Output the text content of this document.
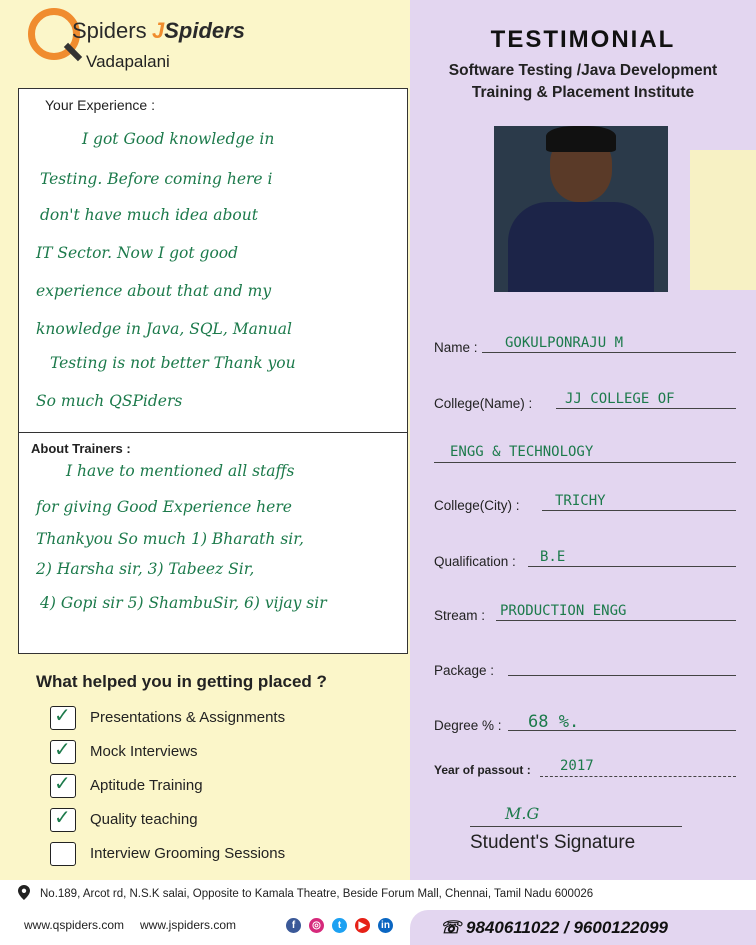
Spiders JSpiders
Vadapalani
TESTIMONIAL
Software Testing /Java Development
Training & Placement Institute
Your Experience :
I got Good knowledge in
Testing. Before coming here i
don't have much idea about
IT Sector. Now I got good
experience about that and my
knowledge in Java, SQL, Manual
Testing is not better Thank you
So much QSPiders
About Trainers :
I have to mentioned all staffs
for giving Good Experience here
Thankyou So much 1) Bharath sir,
2) Harsha sir, 3) Tabeez Sir,
4) Gopi sir 5) ShambuSir, 6) vijay sir
Name : GOKULPONRAJU M
College(Name) : JJ COLLEGE OF
ENGG & TECHNOLOGY
College(City) :	TRICHY
Qualification : B.E
Stream : PRODUCTION ENGG
Package :
Degree % : 68 %.
Year of passout : 2017
M.G
Student's Signature
What helped you in getting placed ?
✓
Presentations & Assignments
✓
Mock Interviews
✓
Aptitude Training
✓
Quality teaching
Interview Grooming Sessions
No.189, Arcot rd, N.S.K salai, Opposite to Kamala Theatre, Beside Forum Mall, Chennai, Tamil Nadu 600026
www.qspiders.com www.jspiders.com	f	◎	t	▶	in	☏ 9840611022 / 9600122099
